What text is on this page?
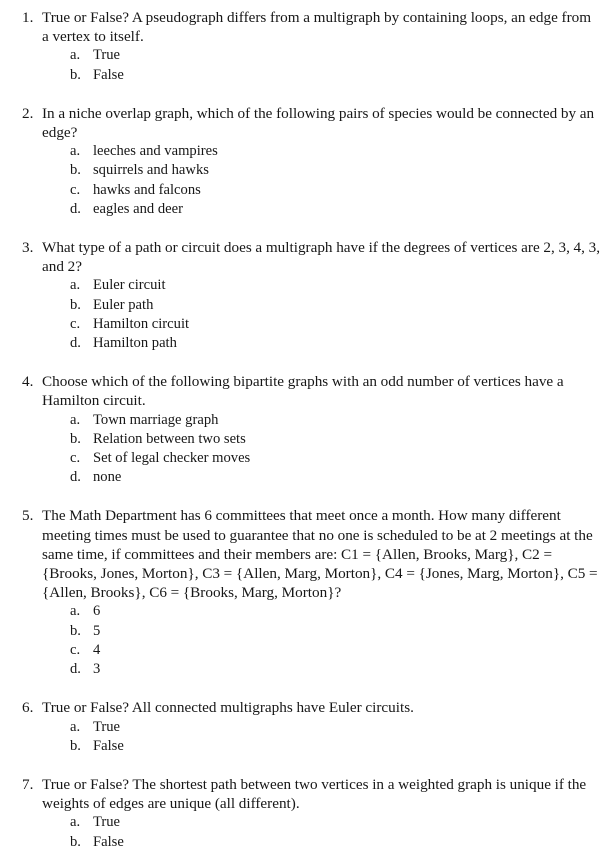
1. True or False? A pseudograph differs from a multigraph by containing loops, an edge from a vertex to itself.
a. True
b. False
2. In a niche overlap graph, which of the following pairs of species would be connected by an edge?
a. leeches and vampires
b. squirrels and hawks
c. hawks and falcons
d. eagles and deer
3. What type of a path or circuit does a multigraph have if the degrees of vertices are 2, 3, 4, 3, and 2?
a. Euler circuit
b. Euler path
c. Hamilton circuit
d. Hamilton path
4. Choose which of the following bipartite graphs with an odd number of vertices have a Hamilton circuit.
a. Town marriage graph
b. Relation between two sets
c. Set of legal checker moves
d. none
5. The Math Department has 6 committees that meet once a month. How many different meeting times must be used to guarantee that no one is scheduled to be at 2 meetings at the same time, if committees and their members are: C1 = {Allen, Brooks, Marg}, C2 = {Brooks, Jones, Morton}, C3 = {Allen, Marg, Morton}, C4 = {Jones, Marg, Morton}, C5 = {Allen, Brooks}, C6 = {Brooks, Marg, Morton}?
a. 6
b. 5
c. 4
d. 3
6. True or False? All connected multigraphs have Euler circuits.
a. True
b. False
7. True or False? The shortest path between two vertices in a weighted graph is unique if the weights of edges are unique (all different).
a. True
b. False
